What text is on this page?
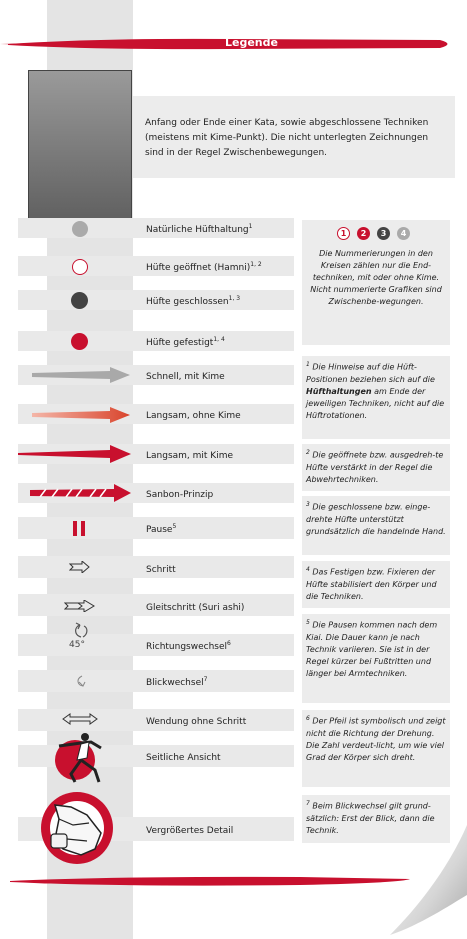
Legende
Anfang oder Ende einer Kata, sowie abgeschlossene Techniken (meistens mit Kime-Punkt). Die nicht unterlegten Zeichnungen sind in der Regel Zwischenbewegungen.
45°
Natürliche Hüfthaltung$^1$
Hüfte geöffnet (Hamni)$^{1, 2}$
Hüfte geschlossen$^{1, 3}$
Hüfte gefestigt$^{1, 4}$
Schnell, mit Kime
Langsam, ohne Kime
Langsam, mit Kime
Sanbon-Prinzip
Pause$^5$
Schritt
Gleitschritt (Suri ashi)
Richtungswechsel$^6$
Blickwechsel$^7$
Wendung ohne Schritt
Seitliche Ansicht
Vergrößertes Detail
Die Nummerierungen in den Kreisen zählen nur die End-techniken, mit oder ohne Kime. Nicht nummerierte Grafiken sind Zwischenbe-wegungen.
1	2	3	4
$^1$ Die Hinweise auf die Hüft-Positionen beziehen sich auf die Hüfthaltungen am Ende der jeweiligen Techniken, nicht auf die Hüftrotationen.
$^2$ Die geöffnete bzw. ausgedreh-te Hüfte verstärkt in der Regel die Abwehrtechniken.
$^3$ Die geschlossene bzw. einge-drehte Hüfte unterstützt grundsätzlich die handelnde Hand.
$^4$ Das Festigen bzw. Fixieren der Hüfte stabilisiert den Körper und die Techniken.
$^5$ Die Pausen kommen nach dem Kiai. Die Dauer kann je nach Technik variieren. Sie ist in der Regel kürzer bei Fußtritten und länger bei Armtechniken.
$^6$ Der Pfeil ist symbolisch und zeigt nicht die Richtung der Drehung. Die Zahl verdeut-licht, um wie viel Grad der Körper sich dreht.
$^7$ Beim Blickwechsel gilt grund-sätzlich: Erst der Blick, dann die Technik.
